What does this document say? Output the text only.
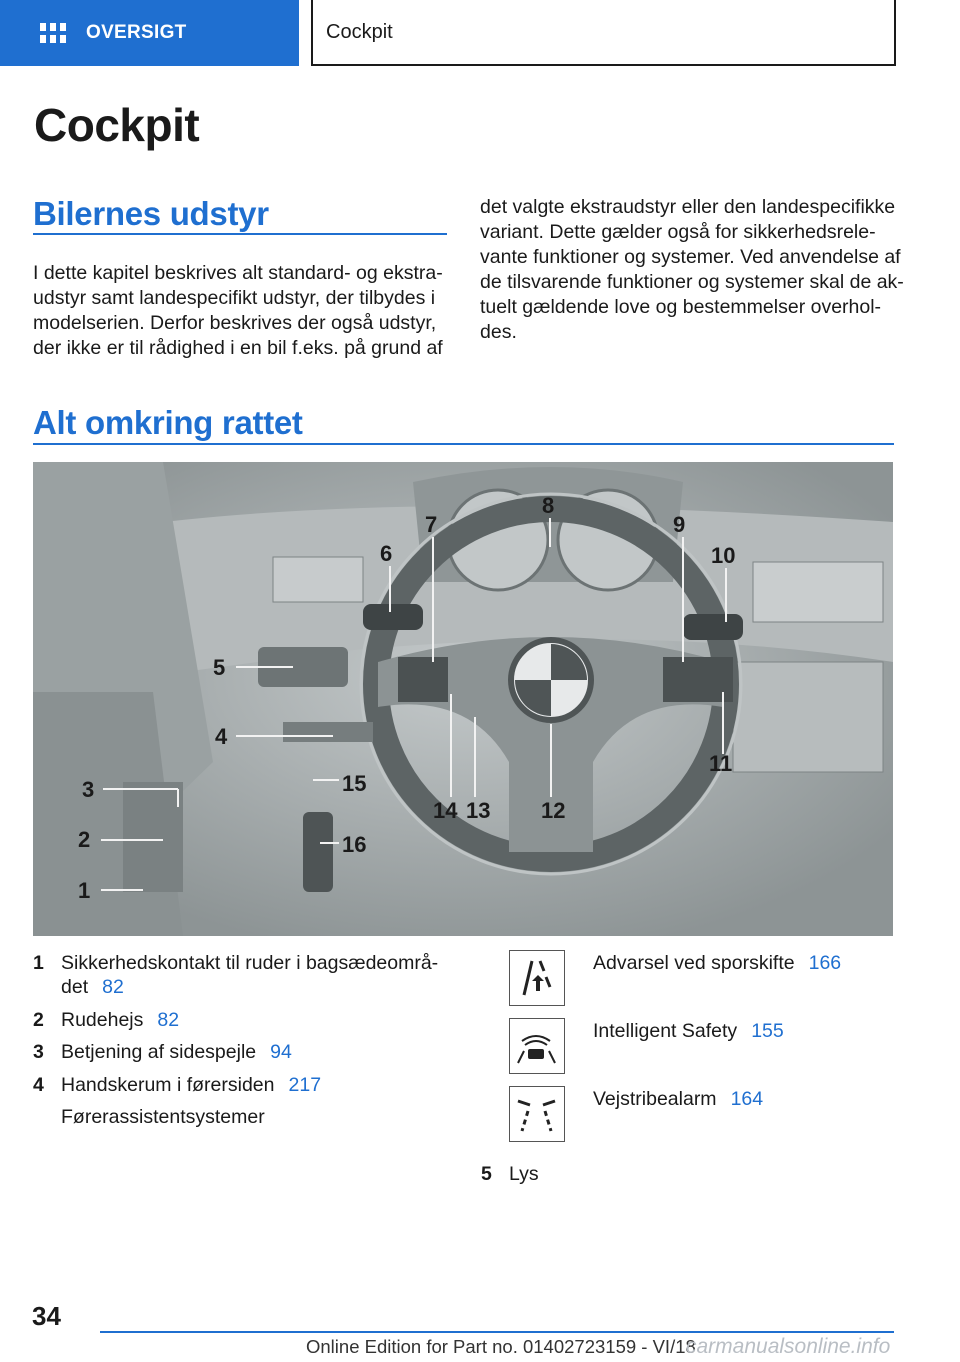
OVERSIGT	Cockpit
Cockpit
Bilernes udstyr
I dette kapitel beskrives alt standard- og ekstra-
udstyr samt landespecifikt udstyr, der tilbydes i
modelserien. Derfor beskrives der også udstyr,
der ikke er til rådighed i en bil f.eks. på grund af
det valgte ekstraudstyr eller den landespecifikke
variant. Dette gælder også for sikkerhedsrele-
vante funktioner og systemer. Ved anvendelse af
de tilsvarende funktioner og systemer skal de ak-
tuelt gældende love og bestemmelser overhol-
des.
Alt omkring rattet
3
2
1
4
5
6
7
8
9
10
11
12
13
14
15
16
1 Sikkerhedskontakt til ruder i bagsædeområ-
det 82
2 Rudehejs 82
3 Betjening af sidespejle 94
4 Handskerum i førersiden 217
Førerassistentsystemer
Advarsel ved sporskifte 166
Intelligent Safety 155
Vejstribealarm 164
5 Lys
34
Online Edition for Part no. 01402723159 - VI/18
carmanualsonline.info
